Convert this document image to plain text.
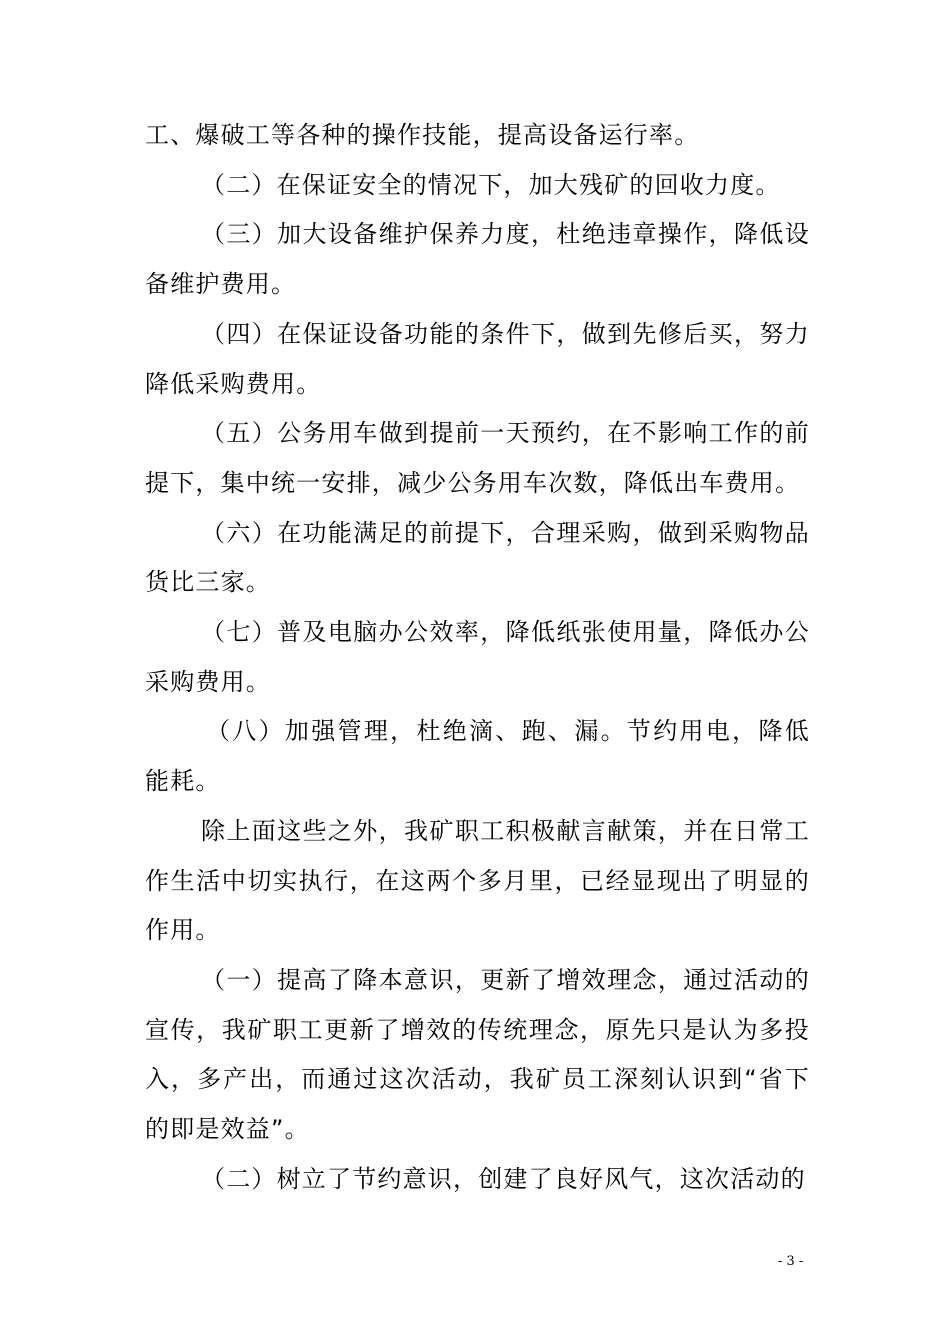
工、爆破工等各种的操作技能，提高设备运行率。

（二）在保证安全的情况下，加大残矿的回收力度。

（三）加大设备维护保养力度，杜绝违章操作，降低设备维护费用。

（四）在保证设备功能的条件下，做到先修后买，努力降低采购费用。

（五）公务用车做到提前一天预约，在不影响工作的前提下，集中统一安排，减少公务用车次数，降低出车费用。

（六）在功能满足的前提下，合理采购，做到采购物品货比三家。

（七）普及电脑办公效率，降低纸张使用量，降低办公采购费用。

（八）加强管理，杜绝滴、跑、漏。节约用电，降低能耗。

除上面这些之外，我矿职工积极献言献策，并在日常工作生活中切实执行，在这两个多月里，已经显现出了明显的作用。

（一）提高了降本意识，更新了增效理念，通过活动的宣传，我矿职工更新了增效的传统理念，原先只是认为多投入，多产出，而通过这次活动，我矿员工深刻认识到“省下的即是效益”。

（二）树立了节约意识，创建了良好风气，这次活动的

- 3 -
